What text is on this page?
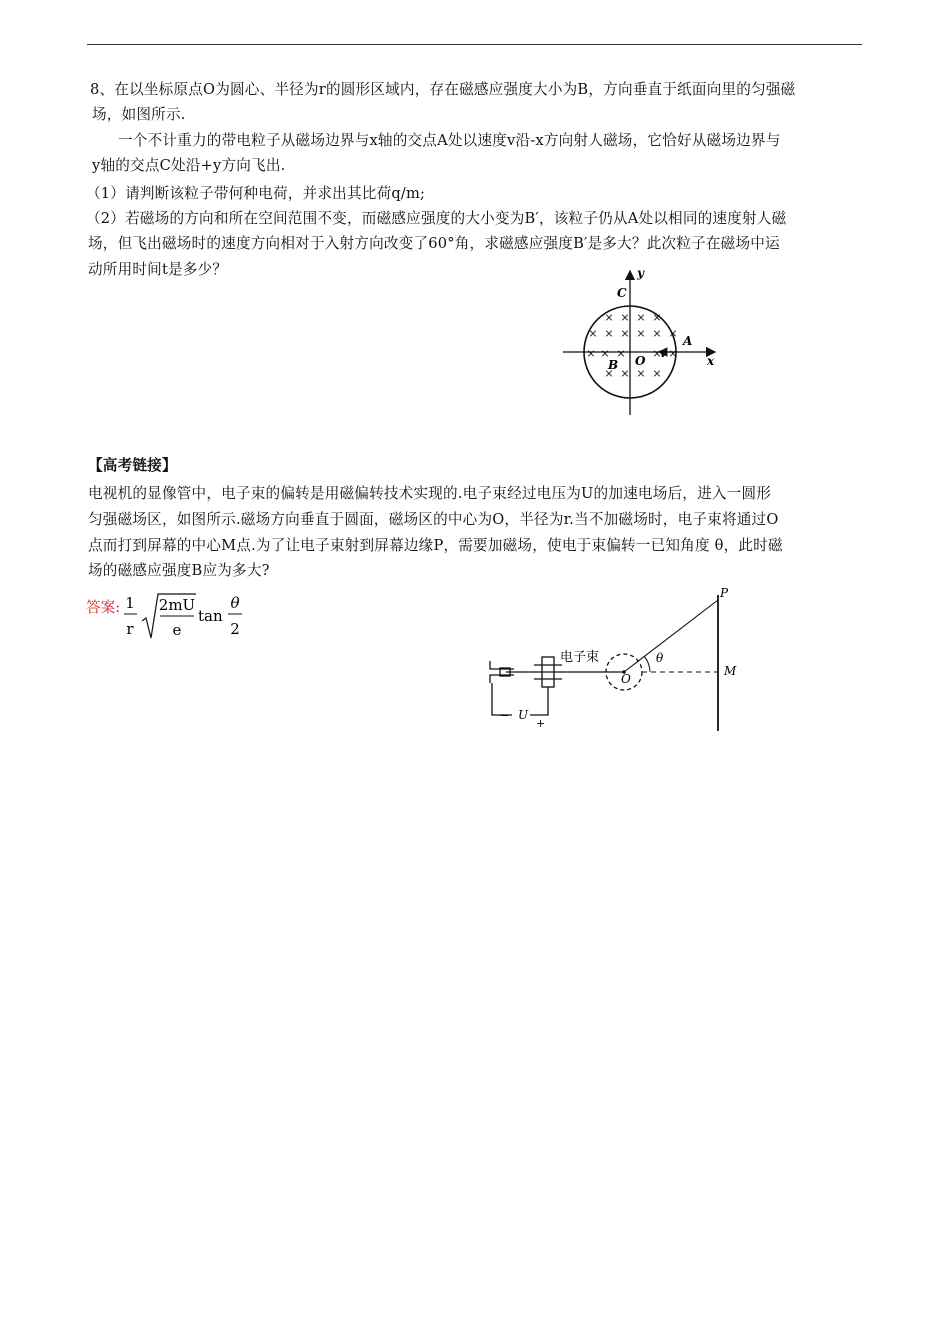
8、在以坐标原点O为圆心、半径为r的圆形区域内，存在磁感应强度大小为B，方向垂直于纸面向里的匀强磁
场，如图所示.
一个不计重力的带电粒子从磁场边界与x轴的交点A处以速度v沿-x方向射人磁场，它恰好从磁场边界与
y轴的交点C处沿+y方向飞出.
（1）请判断该粒子带何种电荷，并求出其比荷q/m;
（2）若磁场的方向和所在空间范围不变，而磁感应强度的大小变为B′，该粒子仍从A处以相同的速度射人磁
场，但飞出磁场时的速度方向相对于入射方向改变了60°角，求磁感应强度B′是多大？此次粒子在磁场中运
动所用时间t是多少？
× × × ×
× × × × × ×
× × × × ×
× × × ×
y
x
C
A
O
B
v
【高考链接】
电视机的显像管中，电子束的偏转是用磁偏转技术实现的.电子束经过电压为U的加速电场后，进入一圆形
匀强磁场区，如图所示.磁场方向垂直于圆面，磁场区的中心为O，半径为r.当不加磁场时，电子束将通过O
点而打到屏幕的中心M点.为了让电子束射到屏幕边缘P，需要加磁场，使电于束偏转一已知角度 θ，此时磁
场的磁感应强度B应为多大?
答案: 1
r
2mU
e
tan
θ
2
P
M
O
θ
电子束
U
−
+
